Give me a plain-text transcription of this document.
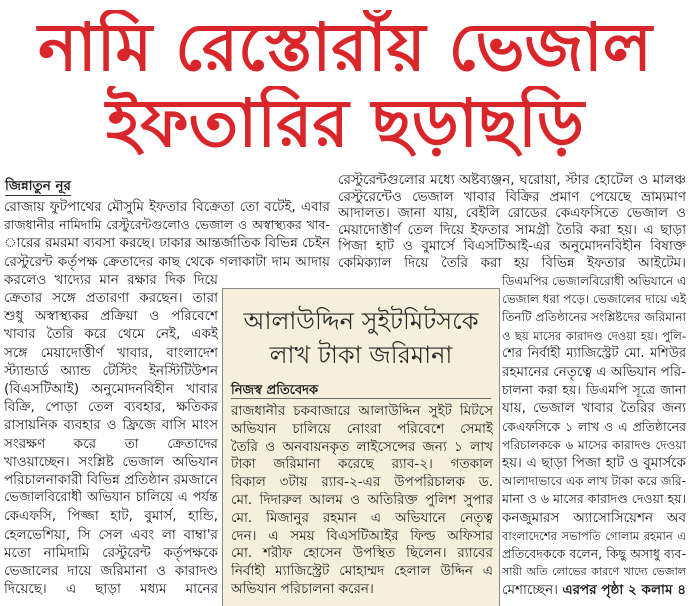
নামি রেস্তোরাঁয় ভেজাল
ইফতারির ছড়াছড়ি
জিন্নাতুন নূর
রোজায় ফুটপাথের মৌসুমি ইফতার বিক্রেতা তো বটেই, এবার
রাজধানীর নামিদামি রেস্টুরেন্টগুলোও ভেজাল ও অস্বাস্থ্যকর খাব-
ারের রমরমা ব্যবসা করছে। ঢাকার আন্তর্জাতিক বিভিন্ন চেইন
রেস্টুরেন্ট কর্তৃপক্ষ ক্রেতাদের কাছ থেকে গলাকাটা দাম আদায়
করলেও খাদ্যের মান রক্ষার দিক দিয়ে
ক্রেতার সঙ্গে প্রতারণা করছেন। তারা
শুধু অস্বাস্থ্যকর প্রক্রিয়া ও পরিবেশে
খাবার তৈরি করে থেমে নেই, একই
সঙ্গে মেয়াদোত্তীর্ণ খাবার, বাংলাদেশ
স্ট্যান্ডার্ড অ্যান্ড টেস্টিং ইনস্টিটিউশন
(বিএসটিআই) অনুমোদনবিহীন খাবার
বিক্রি, পোড়া তেল ব্যবহার, ক্ষতিকর
রাসায়নিক ব্যবহার ও ফ্রিজে বাসি মাংস
সংরক্ষণ করে তা ক্রেতাদের
খাওয়াচ্ছেন। সংশ্লিষ্ট ভেজাল অভিযান
পরিচালনাকারী বিভিন্ন প্রতিষ্ঠান রমজানে
ভেজালবিরোধী অভিযান চালিয়ে এ পর্যন্ত
কেএফসি, পিজ্জা হাট, বুমার্স, হান্ডি,
হেলভেশিয়া, সি সেল এবং লা বাম্বা'র
মতো নামিদামি রেস্টুরেন্ট কর্তৃপক্ষকে
ভেজালের দায়ে জরিমানা ও কারাদণ্ড
দিয়েছে। এ ছাড়া মধ্যম মানের
রেস্টুরেন্টগুলোর মধ্যে অষ্টব্যঞ্জন, ঘরোয়া, স্টার হোটেল ও মালঞ্চ
রেস্টুরেন্টেও ভেজাল খাবার বিক্রির প্রমাণ পেয়েছে ভ্রাম্যমাণ
আদালত। জানা যায়, বেইলি রোডের কেএফসিতে ভেজাল ও
মেয়াদোত্তীর্ণ তেল দিয়ে ইফতার সামগ্রী তৈরি করা হয়। এ ছাড়া
পিজা হাট ও বুমার্সে বিএসটিআই-এর অনুমোদনবিহীন বিষাক্ত
কেমিক্যাল দিয়ে তৈরি করা হয় বিভিন্ন ইফতার আইটেম।
ডিএমপির ভেজালবিরোধী অভিযানে এ
ভেজাল ধরা পড়ে। ভেজালের দায়ে এই
তিনটি প্রতিষ্ঠানের সংশ্লিষ্টদের জরিমানা
ও ছয় মাসের কারাদণ্ড দেওয়া হয়। পুলি-
শের নির্বাহী ম্যাজিস্ট্রেট মো. মশিউর
রহমানের নেতৃত্বে এ অভিযান পরি-
চালনা করা হয়। ডিএমপি সূত্রে জানা
যায়, ভেজাল খাবার তৈরির জন্য
কেএফসিকে ১ লাখ ও এ প্রতিষ্ঠানের
পরিচালককে ৬ মাসের কারাদণ্ড দেওয়া
হয়। এ ছাড়া পিজা হাট ও বুমার্সকে
আলাদাভাবে এক লাখ টাকা করে জরি-
মানা ও ৬ মাসের কারাদণ্ড দেওয়া হয়।
কনজুমারস অ্যাসোসিয়েশন অব
বাংলাদেশের সভাপতি গোলাম রহমান এ
প্রতিবেদককে বলেন, কিছু অসাধু ব্যব-
সায়ী অতি লোভের কারণে খাদ্যে ভেজাল
মেশাচ্ছেন। এরপর পৃষ্ঠা ২ কলাম ৪
আলাউদ্দিন সুইটমিটসকে
লাখ টাকা জরিমানা
নিজস্ব প্রতিবেদক
রাজধানীর চকবাজারে আলাউদ্দিন সুইট মিটসে
অভিযান চালিয়ে নোংরা পরিবেশে সেমাই
তৈরি ও অনবায়নকৃত লাইসেন্সের জন্য ১ লাখ
টাকা জরিমানা করেছে র‌্যাব-২। গতকাল
বিকাল ৩টায় র‌্যাব-২-এর উপপরিচালক ড.
মো. দিদারুল আলম ও অতিরিক্ত পুলিশ সুপার
মো. মিজানুর রহমান এ অভিযানে নেতৃত্ব
দেন। এ সময় বিএসটিআইর ফিল্ড অফিসার
মো. শরীফ হোসেন উপস্থিত ছিলেন। র‌্যাবের
নির্বাহী ম্যাজিস্ট্রেট মোহাম্মদ হেলাল উদ্দিন এ
অভিযান পরিচালনা করেন।
